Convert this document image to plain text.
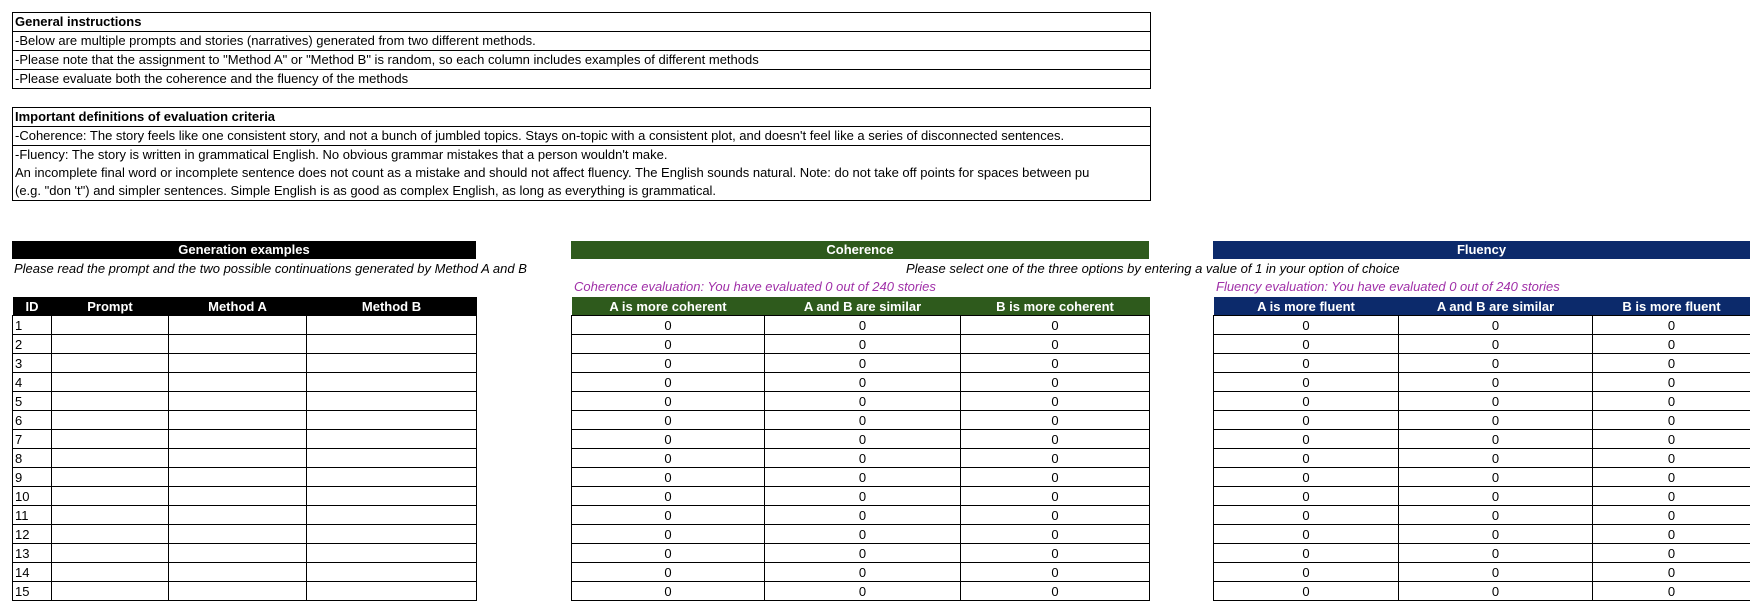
General instructions
-Below are multiple prompts and stories (narratives) generated from two different methods.
-Please note that the assignment to "Method A" or "Method B" is random, so each column includes examples of different methods
-Please evaluate both the coherence and the fluency of the methods
Important definitions of evaluation criteria
-Coherence: The story feels like one consistent story, and not a bunch of jumbled topics. Stays on-topic with a consistent plot, and doesn't feel like a series of disconnected sentences.
-Fluency: The story is written in grammatical English. No obvious grammar mistakes that a person wouldn't make.
An incomplete final word or incomplete sentence does not count as a mistake and should not affect fluency. The English sounds natural. Note: do not take off points for spaces between pu
(e.g. "don 't") and simpler sentences. Simple English is as good as complex English, as long as everything is grammatical.
Generation examples	Coherence	Fluency
Please read the prompt and the two possible continuations generated by Method A and B	Please select one of the three options by entering a value of 1 in your option of choice
Coherence evaluation: You have evaluated 0 out of 240 stories	Fluency evaluation: You have evaluated 0 out of 240 stories
ID	Prompt	Method A	Method B
1			
2			
3			
4			
5			
6			
7			
8			
9			
10			
11			
12			
13			
14			
15			
A is more coherent	A and B are similar	B is more coherent
0	0	0
0	0	0
0	0	0
0	0	0
0	0	0
0	0	0
0	0	0
0	0	0
0	0	0
0	0	0
0	0	0
0	0	0
0	0	0
0	0	0
0	0	0
A is more fluent	A and B are similar	B is more fluent
0	0	0
0	0	0
0	0	0
0	0	0
0	0	0
0	0	0
0	0	0
0	0	0
0	0	0
0	0	0
0	0	0
0	0	0
0	0	0
0	0	0
0	0	0
